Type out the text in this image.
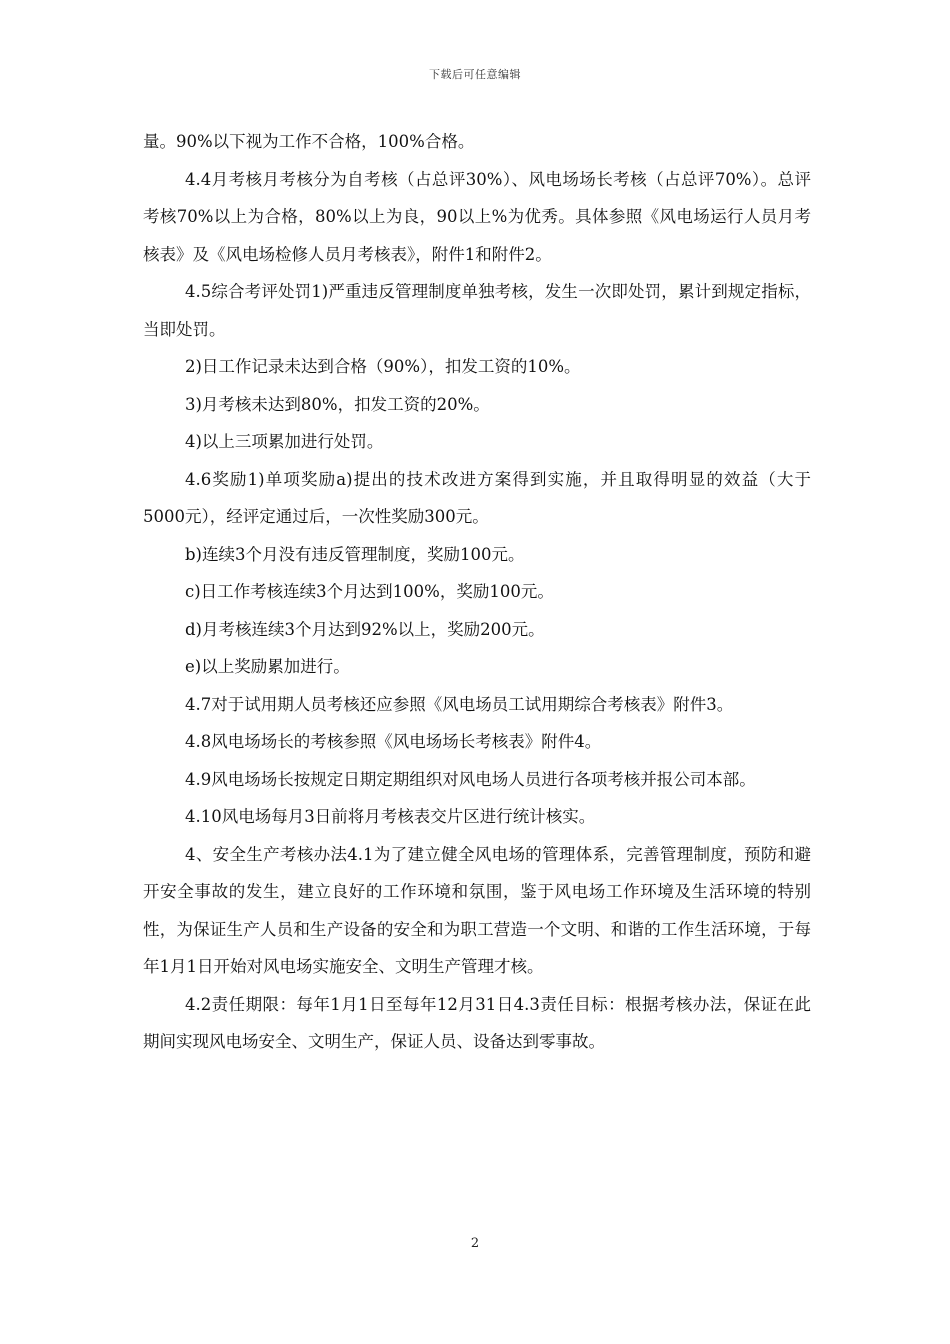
下载后可任意编辑

量。90%以下视为工作不合格，100%合格。

4.4月考核月考核分为自考核（占总评30%）、风电场场长考核（占总评70%）。总评考核70%以上为合格，80%以上为良，90以上%为优秀。具体参照《风电场运行人员月考核表》及《风电场检修人员月考核表》，附件1和附件2。

4.5综合考评处罚1)严重违反管理制度单独考核，发生一次即处罚，累计到规定指标，当即处罚。

2)日工作记录未达到合格（90%），扣发工资的10%。

3)月考核未达到80%，扣发工资的20%。

4)以上三项累加进行处罚。

4.6奖励1)单项奖励a)提出的技术改进方案得到实施，并且取得明显的效益（大于5000元），经评定通过后，一次性奖励300元。

b)连续3个月没有违反管理制度，奖励100元。

c)日工作考核连续3个月达到100%，奖励100元。

d)月考核连续3个月达到92%以上，奖励200元。

e)以上奖励累加进行。

4.7对于试用期人员考核还应参照《风电场员工试用期综合考核表》附件3。

4.8风电场场长的考核参照《风电场场长考核表》附件4。

4.9风电场场长按规定日期定期组织对风电场人员进行各项考核并报公司本部。

4.10风电场每月3日前将月考核表交片区进行统计核实。

4、安全生产考核办法4.1为了建立健全风电场的管理体系，完善管理制度，预防和避开安全事故的发生，建立良好的工作环境和氛围，鉴于风电场工作环境及生活环境的特别性，为保证生产人员和生产设备的安全和为职工营造一个文明、和谐的工作生活环境，于每年1月1日开始对风电场实施安全、文明生产管理才核。

4.2责任期限：每年1月1日至每年12月31日4.3责任目标：根据考核办法，保证在此期间实现风电场安全、文明生产，保证人员、设备达到零事故。

2
